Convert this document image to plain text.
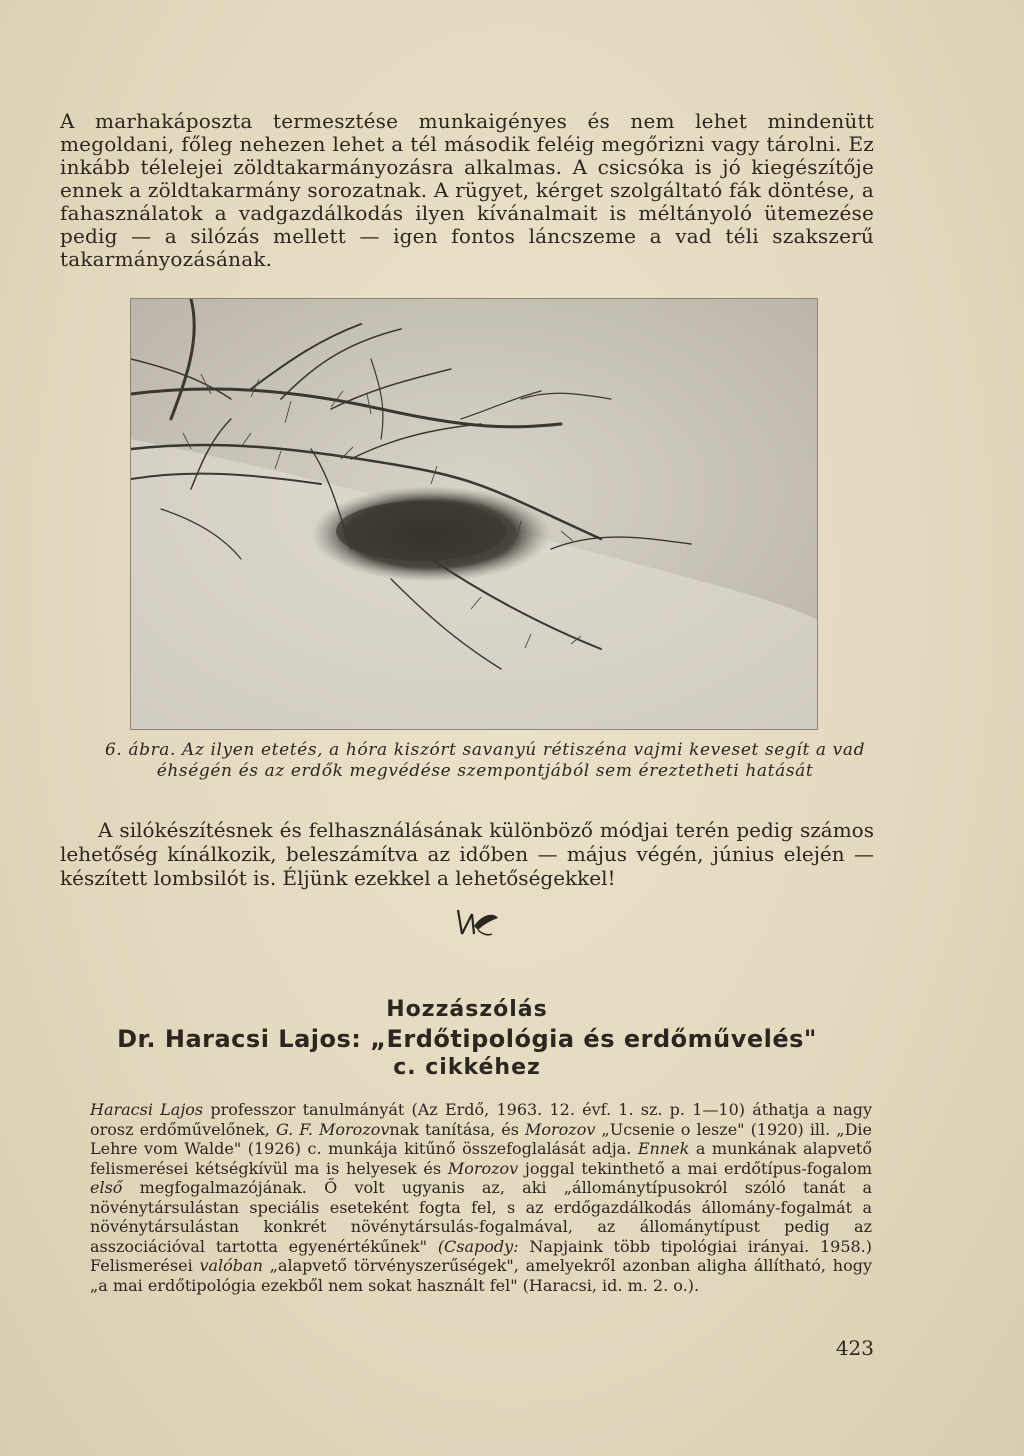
A marhakáposzta termesztése munkaigényes és nem lehet mindenütt megoldani, főleg nehezen lehet a tél második feléig megőrizni vagy tárolni. Ez inkább télelejei zöldtakarmányozásra alkalmas. A csicsóka is jó kiegészítője ennek a zöldtakarmány sorozatnak. A rügyet, kérget szolgáltató fák döntése, a fahasználatok a vadgazdálkodás ilyen kívánalmait is méltányoló ütemezése pedig — a silózás mellett — igen fontos láncszeme a vad téli szakszerű takarmányozásának.

6. ábra. Az ilyen etetés, a hóra kiszórt savanyú rétiszéna vajmi keveset segít a vad éhségén és az erdők megvédése szempontjából sem éreztetheti hatását

A silókészítésnek és felhasználásának különböző módjai terén pedig számos lehetőség kínálkozik, beleszámítva az időben — május végén, június elején — készített lombsilót is. Éljünk ezekkel a lehetőségekkel!

Hozzászólás
Dr. Haracsi Lajos: „Erdőtipológia és erdőművelés"
c. cikkéhez

Haracsi Lajos professzor tanulmányát (Az Erdő, 1963. 12. évf. 1. sz. p. 1—10) áthatja a nagy orosz erdőművelőnek, G. F. Morozovnak tanítása, és Morozov „Ucsenie o lesze" (1920) ill. „Die Lehre vom Walde" (1926) c. munkája kitűnő összefoglalását adja. Ennek a munkának alapvető felismerései kétségkívül ma is helyesek és Morozov joggal tekinthető a mai erdőtípus-fogalom első megfogalmazójának. Ő volt ugyanis az, aki „állománytípusokról szóló tanát a növénytársulástan speciális eseteként fogta fel, s az erdőgazdálkodás állomány-fogalmát a növénytársulástan konkrét növénytársulás-fogalmával, az állománytípust pedig az asszociációval tartotta egyenértékűnek" (Csapody: Napjaink több tipológiai irányai. 1958.) Felismerései valóban „alapvető törvényszerűségek", amelyekről azonban aligha állítható, hogy „a mai erdőtipológia ezekből nem sokat használt fel" (Haracsi, id. m. 2. o.).

423
